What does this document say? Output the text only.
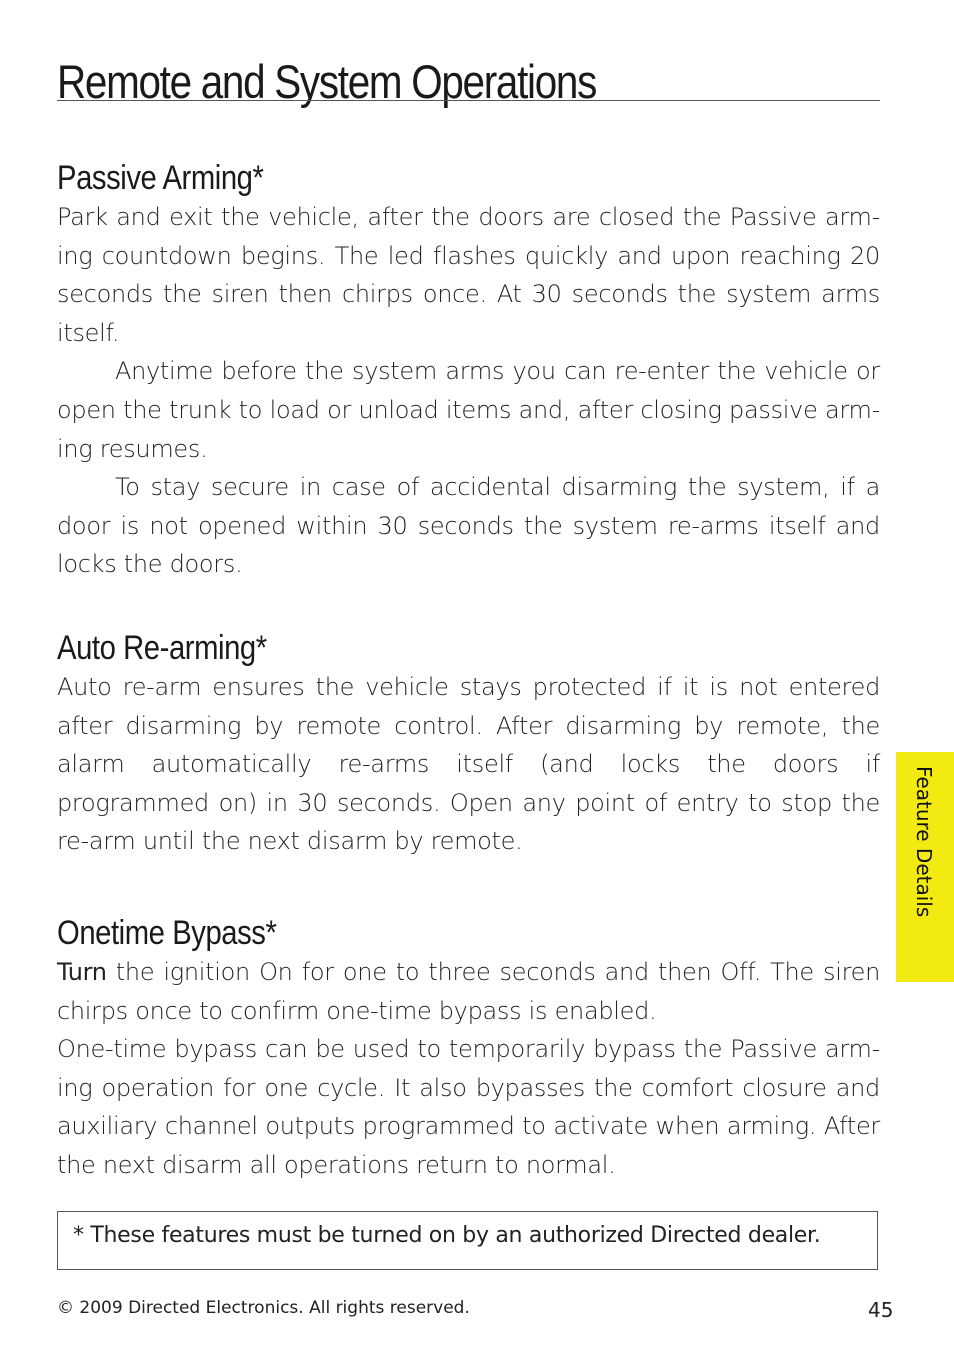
Remote and System Operations
Passive Arming*

Park and exit the vehicle, after the doors are closed the Passive arm-ing countdown begins. The led flashes quickly and upon reaching 20 seconds the siren then chirps once. At 30 seconds the system arms itself.

Anytime before the system arms you can re-enter the vehicle or open the trunk to load or unload items and, after closing passive arm-ing resumes.

To stay secure in case of accidental disarming the system, if a door is not opened within 30 seconds the system re-arms itself and locks the doors.

Auto Re-arming*

Auto re-arm ensures the vehicle stays protected if it is not entered after disarming by remote control. After disarming by remote, the alarm automatically re-arms itself (and locks the doors if programmed on) in 30 seconds. Open any point of entry to stop the re-arm until the next disarm by remote.

Onetime Bypass*

Turn the ignition On for one to three seconds and then Off. The siren chirps once to confirm one-time bypass is enabled.

One-time bypass can be used to temporarily bypass the Passive arm-ing operation for one cycle. It also bypasses the comfort closure and auxiliary channel outputs programmed to activate when arming. After the next disarm all operations return to normal.

* These features must be turned on by an authorized Directed dealer.
© 2009 Directed Electronics. All rights reserved.	45
Feature Details
